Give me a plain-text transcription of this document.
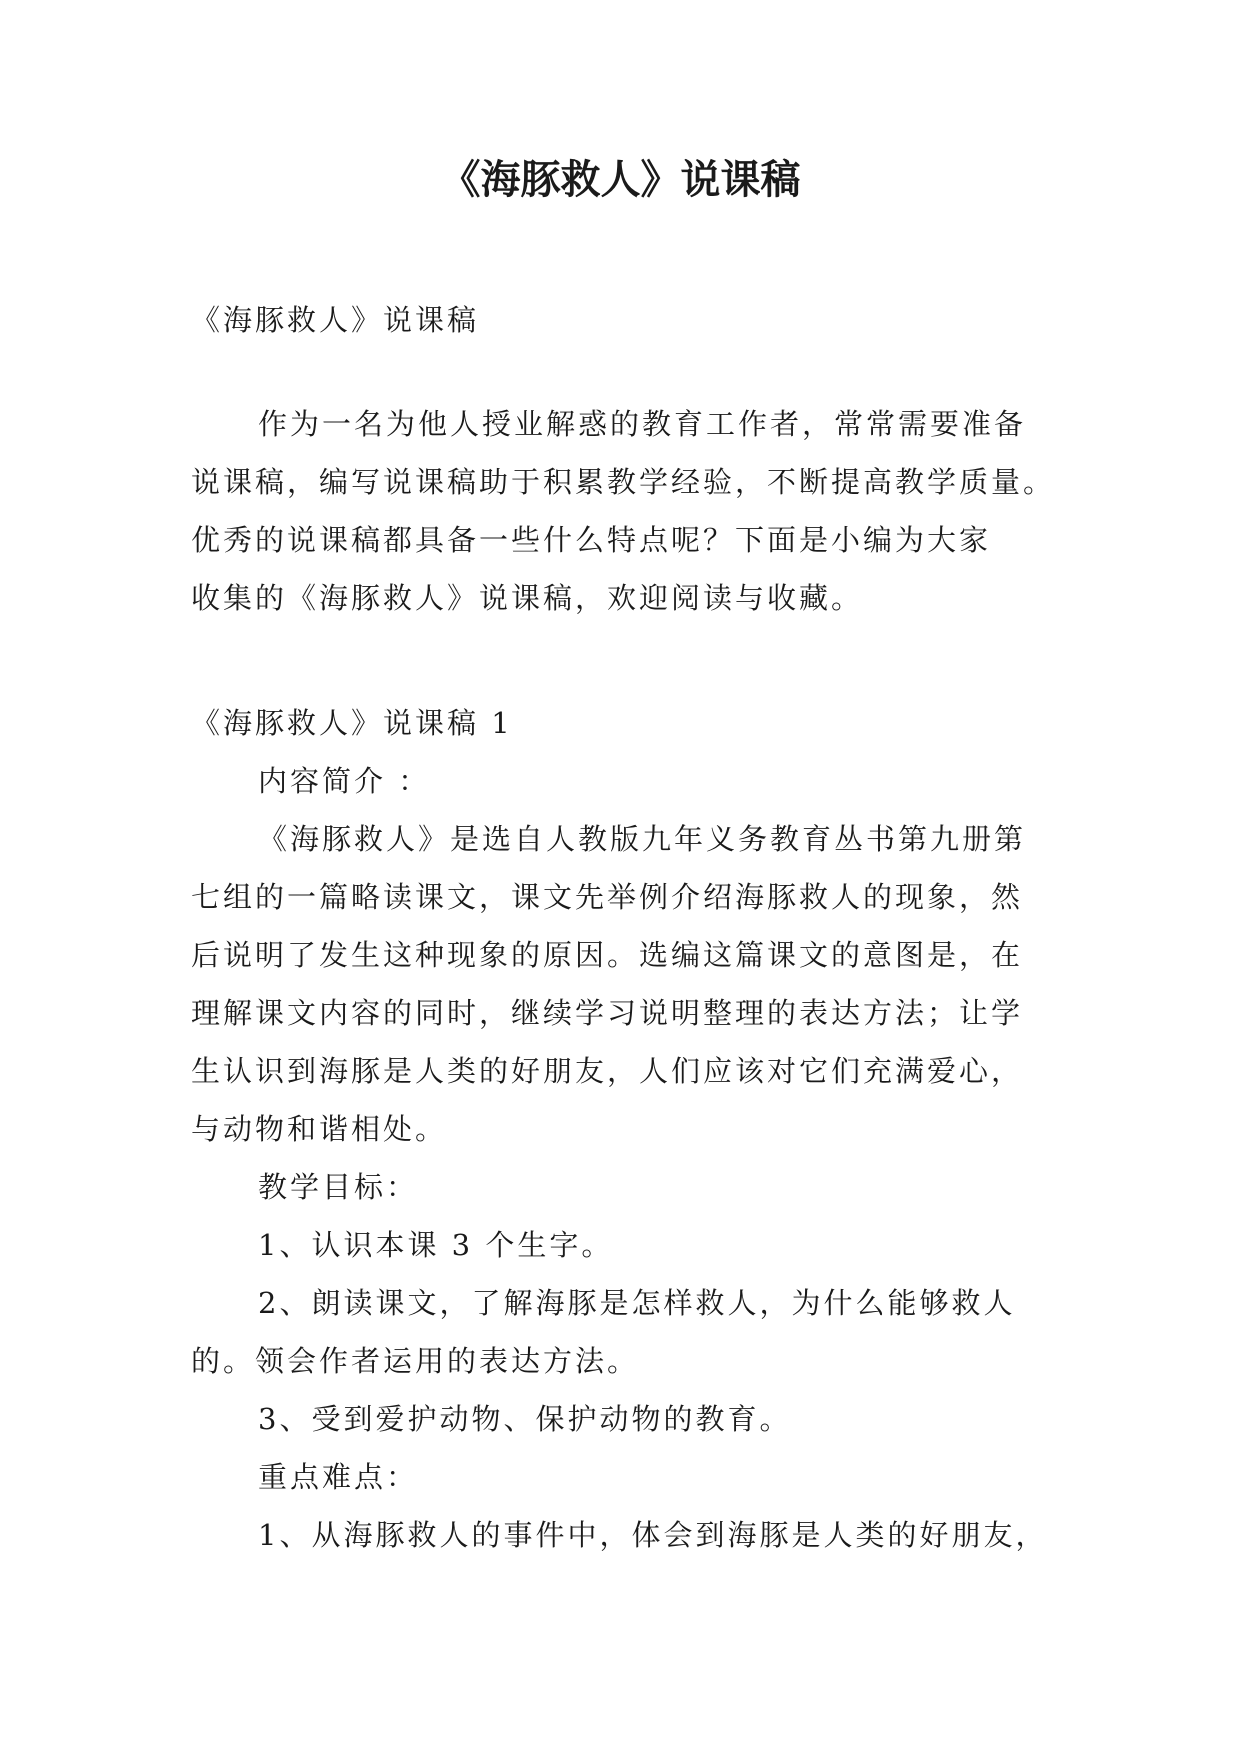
《海豚救人》说课稿
《海豚救人》说课稿
作为一名为他人授业解惑的教育工作者，常常需要准备
说课稿，编写说课稿助于积累教学经验，不断提高教学质量。
优秀的说课稿都具备一些什么特点呢？下面是小编为大家
收集的《海豚救人》说课稿，欢迎阅读与收藏。
《海豚救人》说课稿 1
内容简介 ：
《海豚救人》是选自人教版九年义务教育丛书第九册第
七组的一篇略读课文，课文先举例介绍海豚救人的现象，然
后说明了发生这种现象的原因。选编这篇课文的意图是，在
理解课文内容的同时，继续学习说明整理的表达方法；让学
生认识到海豚是人类的好朋友，人们应该对它们充满爱心，
与动物和谐相处。
教学目标：
1、认识本课 3 个生字。
2、朗读课文，了解海豚是怎样救人，为什么能够救人
的。领会作者运用的表达方法。
3、受到爱护动物、保护动物的教育。
重点难点：
1、从海豚救人的事件中，体会到海豚是人类的好朋友，
